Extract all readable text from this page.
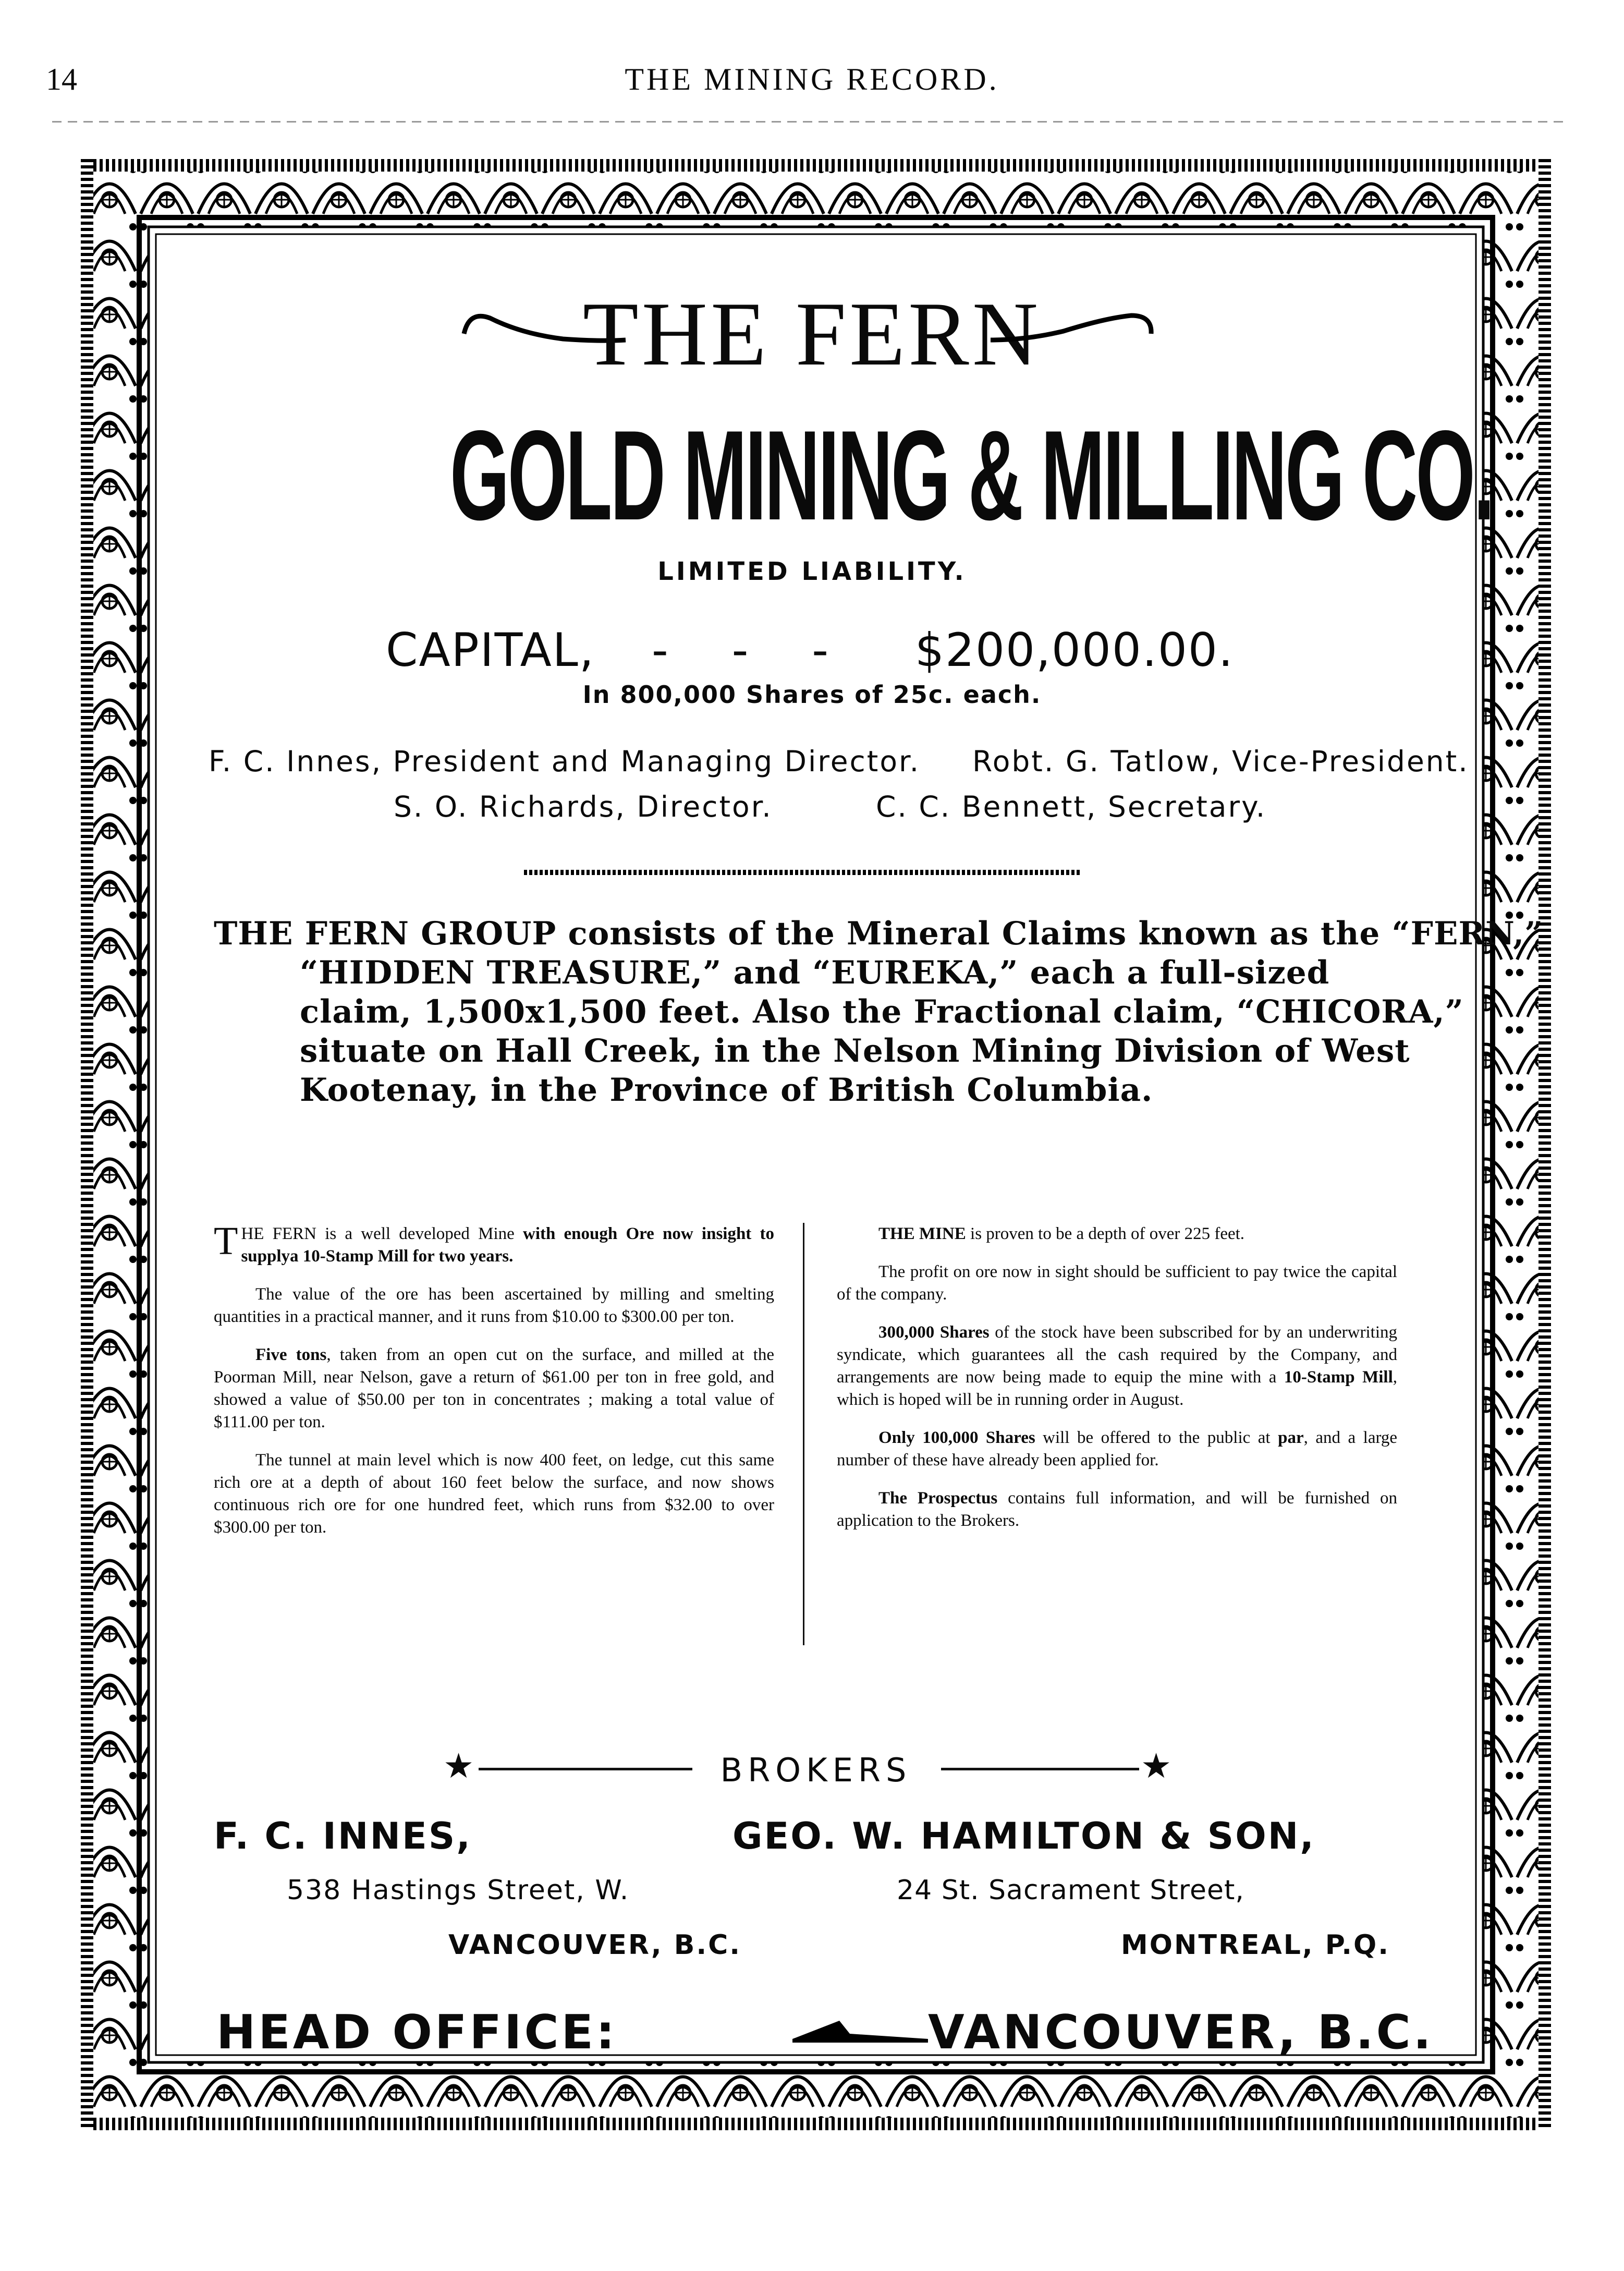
14	THE MINING RECORD.
THE FERN
GOLD MINING & MILLING CO.
LIMITED LIABILITY.
CAPITAL, -    -    - $200,000.00.
In 800,000 Shares of 25c. each.
F. C. Innes, President and Managing Director. Robt. G. Tatlow, Vice-President.
S. O. Richards, Director.	C. C. Bennett, Secretary.
THE FERN GROUP consists of the Mineral Claims known as the “FERN,”
“HIDDEN TREASURE,” and “EUREKA,” each a full-sized
claim, 1,500x1,500 feet. Also the Fractional claim, “CHICORA,”
situate on Hall Creek, in the Nelson Mining Division of West
Kootenay, in the Province of British Columbia.

THE FERN is a well developed Mine with enough Ore now insight to supplya 10-Stamp Mill for two years.

The value of the ore has been ascertained by milling and smelting quantities in a practical manner, and it runs from $10.00 to $300.00 per ton.

Five tons, taken from an open cut on the surface, and milled at the Poorman Mill, near Nelson, gave a return of $61.00 per ton in free gold, and showed a value of $50.00 per ton in concentrates ; making a total value of $111.00 per ton.

The tunnel at main level which is now 400 feet, on ledge, cut this same rich ore at a depth of about 160 feet below the surface, and now shows continuous rich ore for one hundred feet, which runs from $32.00 to over $300.00 per ton.

THE MINE is proven to be a depth of over 225 feet.

The profit on ore now in sight should be sufficient to pay twice the capital of the company.

300,000 Shares of the stock have been subscribed for by an underwriting syndicate, which guarantees all the cash required by the Company, and arrangements are now being made to equip the mine with a 10-Stamp Mill, which is hoped will be in running order in August.

Only 100,000 Shares will be offered to the public at par, and a large number of these have already been applied for.

The Prospectus contains full information, and will be furnished on application to the Brokers.

★	BROKERS	★
F. C. INNES,
538 Hastings Street, W.
VANCOUVER, B.C.
GEO. W. HAMILTON & SON,
24 St. Sacrament Street,
MONTREAL, P.Q.
HEAD OFFICE:	VANCOUVER, B.C.
